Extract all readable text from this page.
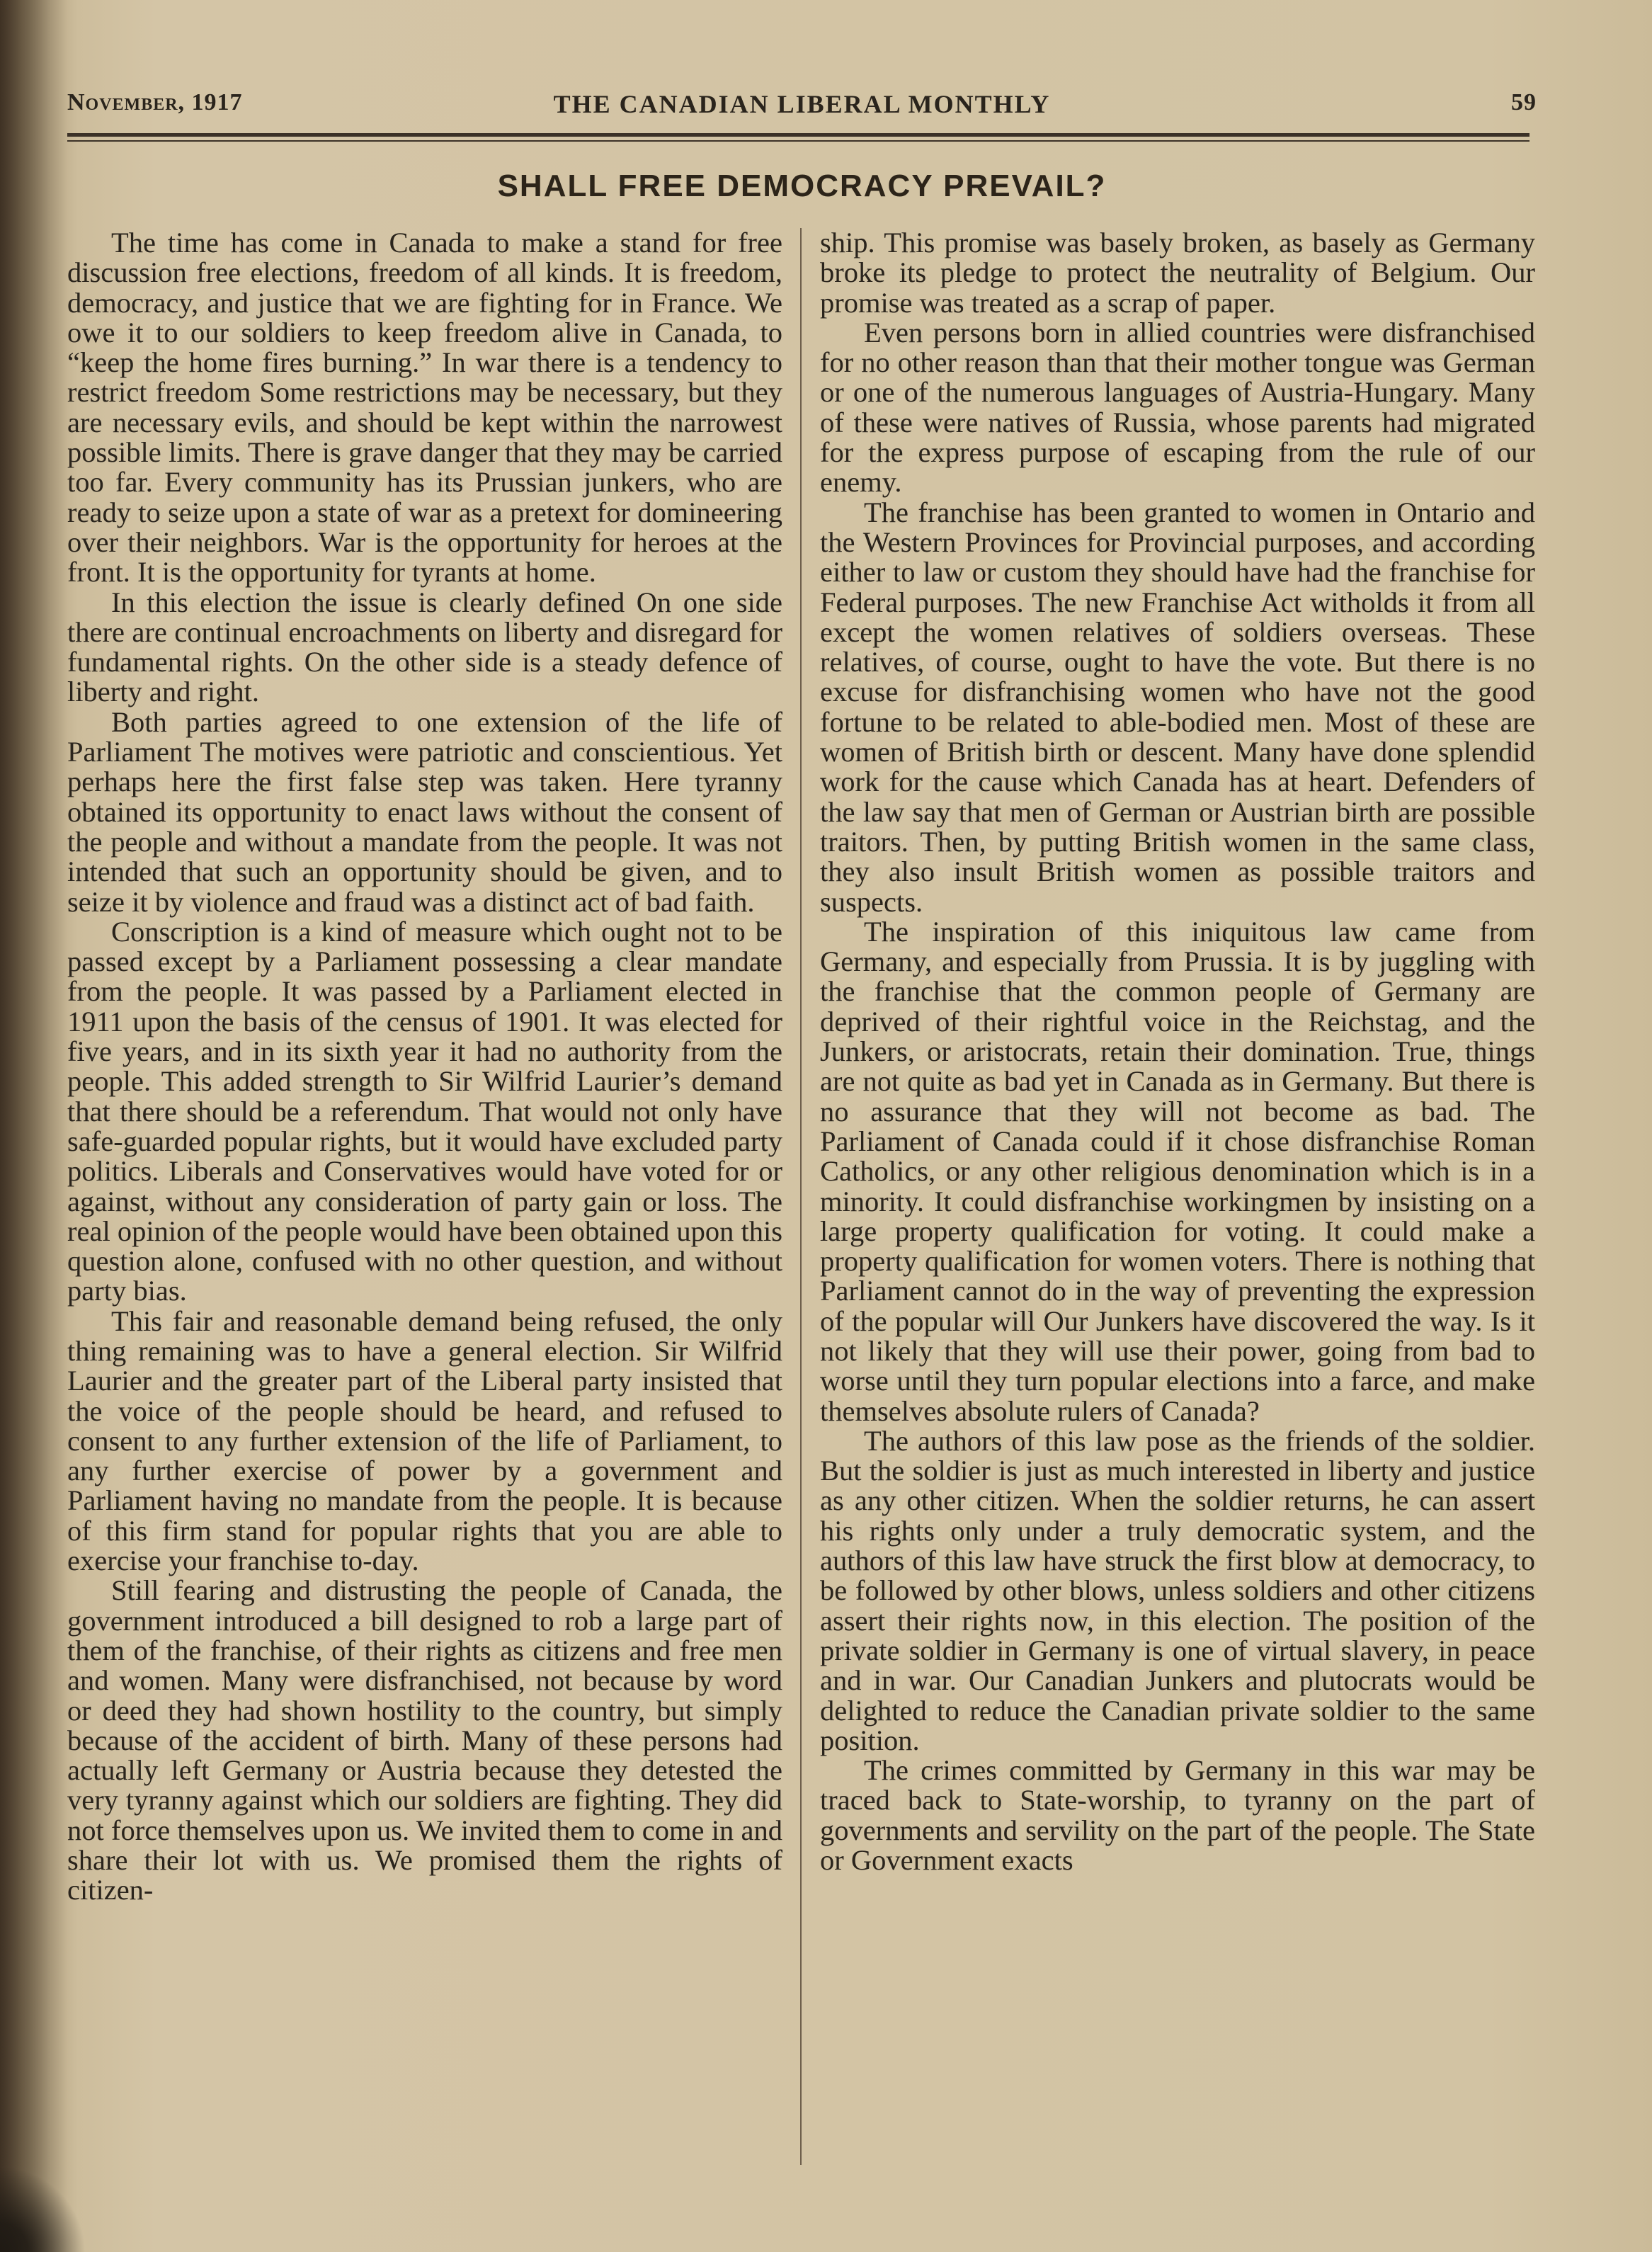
November, 1917	THE CANADIAN LIBERAL MONTHLY	59
SHALL FREE DEMOCRACY PREVAIL?

The time has come in Canada to make a stand for free discussion free elections, freedom of all kinds. It is freedom, democracy, and justice that we are fighting for in France. We owe it to our soldiers to keep freedom alive in Canada, to “keep the home fires burning.” In war there is a tendency to restrict freedom Some restrictions may be necessary, but they are necessary evils, and should be kept within the narrowest possible limits. There is grave danger that they may be carried too far. Every community has its Prussian junkers, who are ready to seize upon a state of war as a pretext for domineering over their neighbors. War is the opportunity for heroes at the front. It is the opportunity for tyrants at home.

In this election the issue is clearly defined On one side there are continual encroachments on liberty and disregard for fundamental rights. On the other side is a steady defence of liberty and right.

Both parties agreed to one extension of the life of Parliament The motives were patriotic and conscientious. Yet perhaps here the first false step was taken. Here tyranny obtained its opportunity to enact laws without the consent of the people and without a mandate from the people. It was not intended that such an opportunity should be given, and to seize it by violence and fraud was a distinct act of bad faith.

Conscription is a kind of measure which ought not to be passed except by a Parliament possessing a clear mandate from the people. It was passed by a Parliament elected in 1911 upon the basis of the census of 1901. It was elected for five years, and in its sixth year it had no authority from the people. This added strength to Sir Wilfrid Laurier’s demand that there should be a referendum. That would not only have safe-guarded popular rights, but it would have excluded party politics. Liberals and Conservatives would have voted for or against, without any consideration of party gain or loss. The real opinion of the people would have been obtained upon this question alone, confused with no other question, and without party bias.

This fair and reasonable demand being refused, the only thing remaining was to have a general election. Sir Wilfrid Laurier and the greater part of the Liberal party insisted that the voice of the people should be heard, and refused to consent to any further extension of the life of Parliament, to any further exercise of power by a government and Parliament having no mandate from the people. It is because of this firm stand for popular rights that you are able to exercise your franchise to-day.

Still fearing and distrusting the people of Canada, the government introduced a bill designed to rob a large part of them of the franchise, of their rights as citizens and free men and women. Many were disfranchised, not because by word or deed they had shown hostility to the country, but simply because of the accident of birth. Many of these persons had actually left Germany or Austria because they detested the very tyranny against which our soldiers are fighting. They did not force themselves upon us. We invited them to come in and share their lot with us. We promised them the rights of citizen-

ship. This promise was basely broken, as basely as Germany broke its pledge to protect the neutrality of Belgium. Our promise was treated as a scrap of paper.

Even persons born in allied countries were disfranchised for no other reason than that their mother tongue was German or one of the numerous languages of Austria-Hungary. Many of these were natives of Russia, whose parents had migrated for the express purpose of escaping from the rule of our enemy.

The franchise has been granted to women in Ontario and the Western Provinces for Provincial purposes, and according either to law or custom they should have had the franchise for Federal purposes. The new Franchise Act witholds it from all except the women relatives of soldiers overseas. These relatives, of course, ought to have the vote. But there is no excuse for disfranchising women who have not the good fortune to be related to able-bodied men. Most of these are women of British birth or descent. Many have done splendid work for the cause which Canada has at heart. Defenders of the law say that men of German or Austrian birth are possible traitors. Then, by putting British women in the same class, they also insult British women as possible traitors and suspects.

The inspiration of this iniquitous law came from Germany, and especially from Prussia. It is by juggling with the franchise that the common people of Germany are deprived of their rightful voice in the Reichstag, and the Junkers, or aristocrats, retain their domination. True, things are not quite as bad yet in Canada as in Germany. But there is no assurance that they will not become as bad. The Parliament of Canada could if it chose disfranchise Roman Catholics, or any other religious denomination which is in a minority. It could disfranchise workingmen by insisting on a large property qualification for voting. It could make a property qualification for women voters. There is nothing that Parliament cannot do in the way of preventing the expression of the popular will Our Junkers have discovered the way. Is it not likely that they will use their power, going from bad to worse until they turn popular elections into a farce, and make themselves absolute rulers of Canada?

The authors of this law pose as the friends of the soldier. But the soldier is just as much interested in liberty and justice as any other citizen. When the soldier returns, he can assert his rights only under a truly democratic system, and the authors of this law have struck the first blow at democracy, to be followed by other blows, unless soldiers and other citizens assert their rights now, in this election. The position of the private soldier in Germany is one of virtual slavery, in peace and in war. Our Canadian Junkers and plutocrats would be delighted to reduce the Canadian private soldier to the same position.

The crimes committed by Germany in this war may be traced back to State-worship, to tyranny on the part of governments and servility on the part of the people. The State or Government exacts
